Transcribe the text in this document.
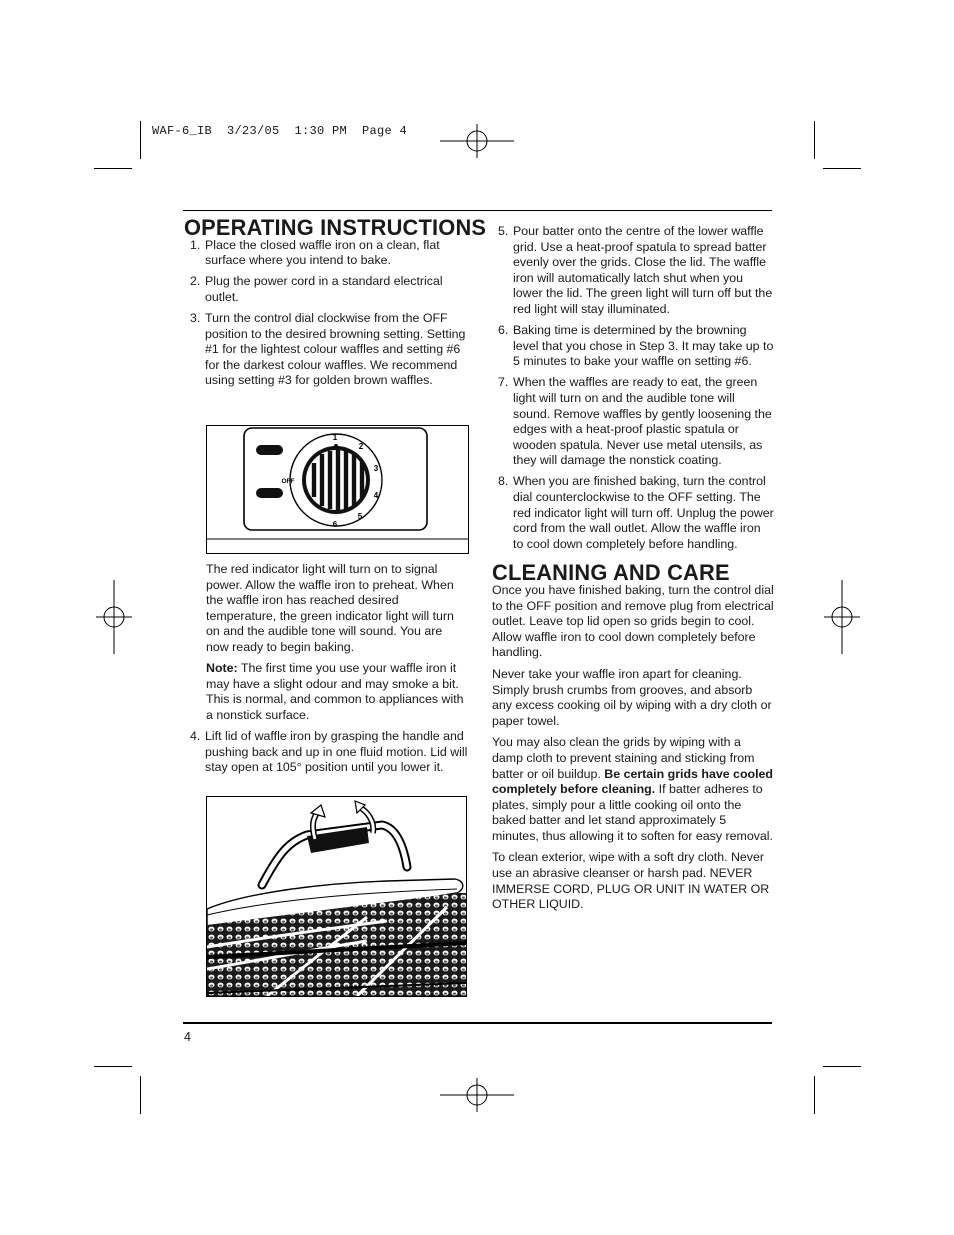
WAF-6_IB  3/23/05  1:30 PM  Page 4
OPERATING INSTRUCTIONS
1. Place the closed waffle iron on a clean, flat surface where you intend to bake.
2. Plug the power cord in a standard electrical outlet.
3. Turn the control dial clockwise from the OFF position to the desired browning setting. Setting #1 for the lightest colour waffles and setting #6 for the darkest colour waffles. We recommend using setting #3 for golden brown waffles.
OFF
1
2
3
4
5
6

The red indicator light will turn on to signal power. Allow the waffle iron to preheat. When the waffle iron has reached desired temperature, the green indicator light will turn on and the audible tone will sound. You are now ready to begin baking.

Note: The first time you use your waffle iron it may have a slight odour and may smoke a bit. This is normal, and common to appliances with a nonstick surface.

4. Lift lid of waffle iron by grasping the handle and pushing back and up in one fluid motion. Lid will stay open at 105° position until you lower it.
5. Pour batter onto the centre of the lower waffle grid. Use a heat-proof spatula to spread batter evenly over the grids. Close the lid. The waffle iron will automatically latch shut when you lower the lid. The green light will turn off but the red light will stay illuminated.
6. Baking time is determined by the browning level that you chose in Step 3. It may take up to 5 minutes to bake your waffle on setting #6.
7. When the waffles are ready to eat, the green light will turn on and the audible tone will sound. Remove waffles by gently loosening the edges with a heat-proof plastic spatula or wooden spatula. Never use metal utensils, as they will damage the nonstick coating.
8. When you are finished baking, turn the control dial counterclockwise to the OFF setting. The red indicator light will turn off. Unplug the power cord from the wall outlet. Allow the waffle iron to cool down completely before handling.
CLEANING AND CARE

Once you have finished baking, turn the control dial to the OFF position and remove plug from electrical outlet. Leave top lid open so grids begin to cool. Allow waffle iron to cool down completely before handling.

Never take your waffle iron apart for cleaning. Simply brush crumbs from grooves, and absorb any excess cooking oil by wiping with a dry cloth or paper towel.

You may also clean the grids by wiping with a damp cloth to prevent staining and sticking from batter or oil buildup. Be certain grids have cooled completely before cleaning. If batter adheres to plates, simply pour a little cooking oil onto the baked batter and let stand approximately 5 minutes, thus allowing it to soften for easy removal.

To clean exterior, wipe with a soft dry cloth. Never use an abrasive cleanser or harsh pad. NEVER IMMERSE CORD, PLUG OR UNIT IN WATER OR OTHER LIQUID.

4
